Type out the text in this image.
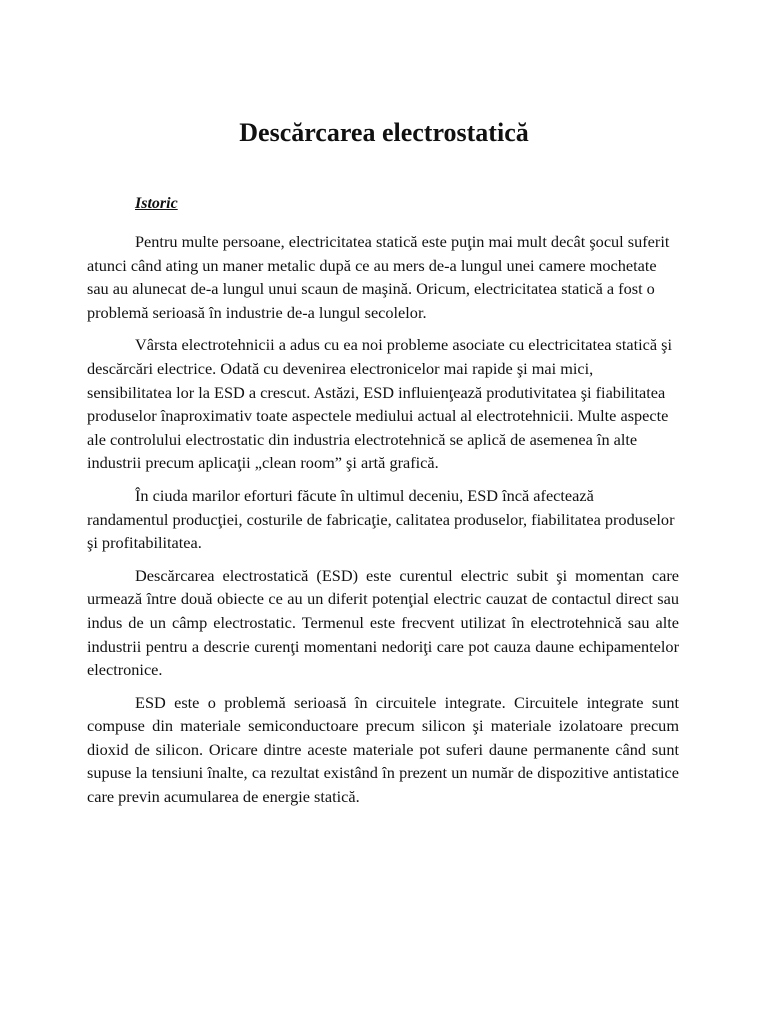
Descărcarea electrostatică
Istoric

Pentru multe persoane, electricitatea statică este puţin mai mult decât şocul suferit atunci când ating un maner metalic după ce au mers de-a lungul unei camere mochetate sau au alunecat de-a lungul unui scaun de maşină. Oricum, electricitatea statică a fost o problemă serioasă în industrie de-a lungul secolelor.

Vârsta electrotehnicii a adus cu ea noi probleme asociate cu electricitatea statică şi descărcări electrice. Odată cu devenirea electronicelor mai rapide şi mai mici, sensibilitatea lor la ESD a crescut. Astăzi, ESD influienţează produtivitatea şi fiabilitatea produselor înaproximativ toate aspectele mediului actual al electrotehnicii. Multe aspecte ale controlului electrostatic din industria electrotehnică se aplică de asemenea în alte industrii precum aplicaţii „clean room” şi artă grafică.

În ciuda marilor eforturi făcute în ultimul deceniu, ESD încă afectează randamentul producţiei, costurile de fabricaţie, calitatea produselor, fiabilitatea produselor şi profitabilitatea.

Descărcarea electrostatică (ESD) este curentul electric subit şi momentan care urmează între două obiecte ce au un diferit potenţial electric cauzat de contactul direct sau indus de un câmp electrostatic. Termenul este frecvent utilizat în electrotehnică sau alte industrii pentru a descrie curenţi momentani nedoriţi care pot cauza daune echipamentelor electronice.

ESD este o problemă serioasă în circuitele integrate. Circuitele integrate sunt compuse din materiale semiconductoare precum silicon şi materiale izolatoare precum dioxid de silicon. Oricare dintre aceste materiale pot suferi daune permanente când sunt supuse la tensiuni înalte, ca rezultat existând în prezent un număr de dispozitive antistatice care previn acumularea de energie statică.
